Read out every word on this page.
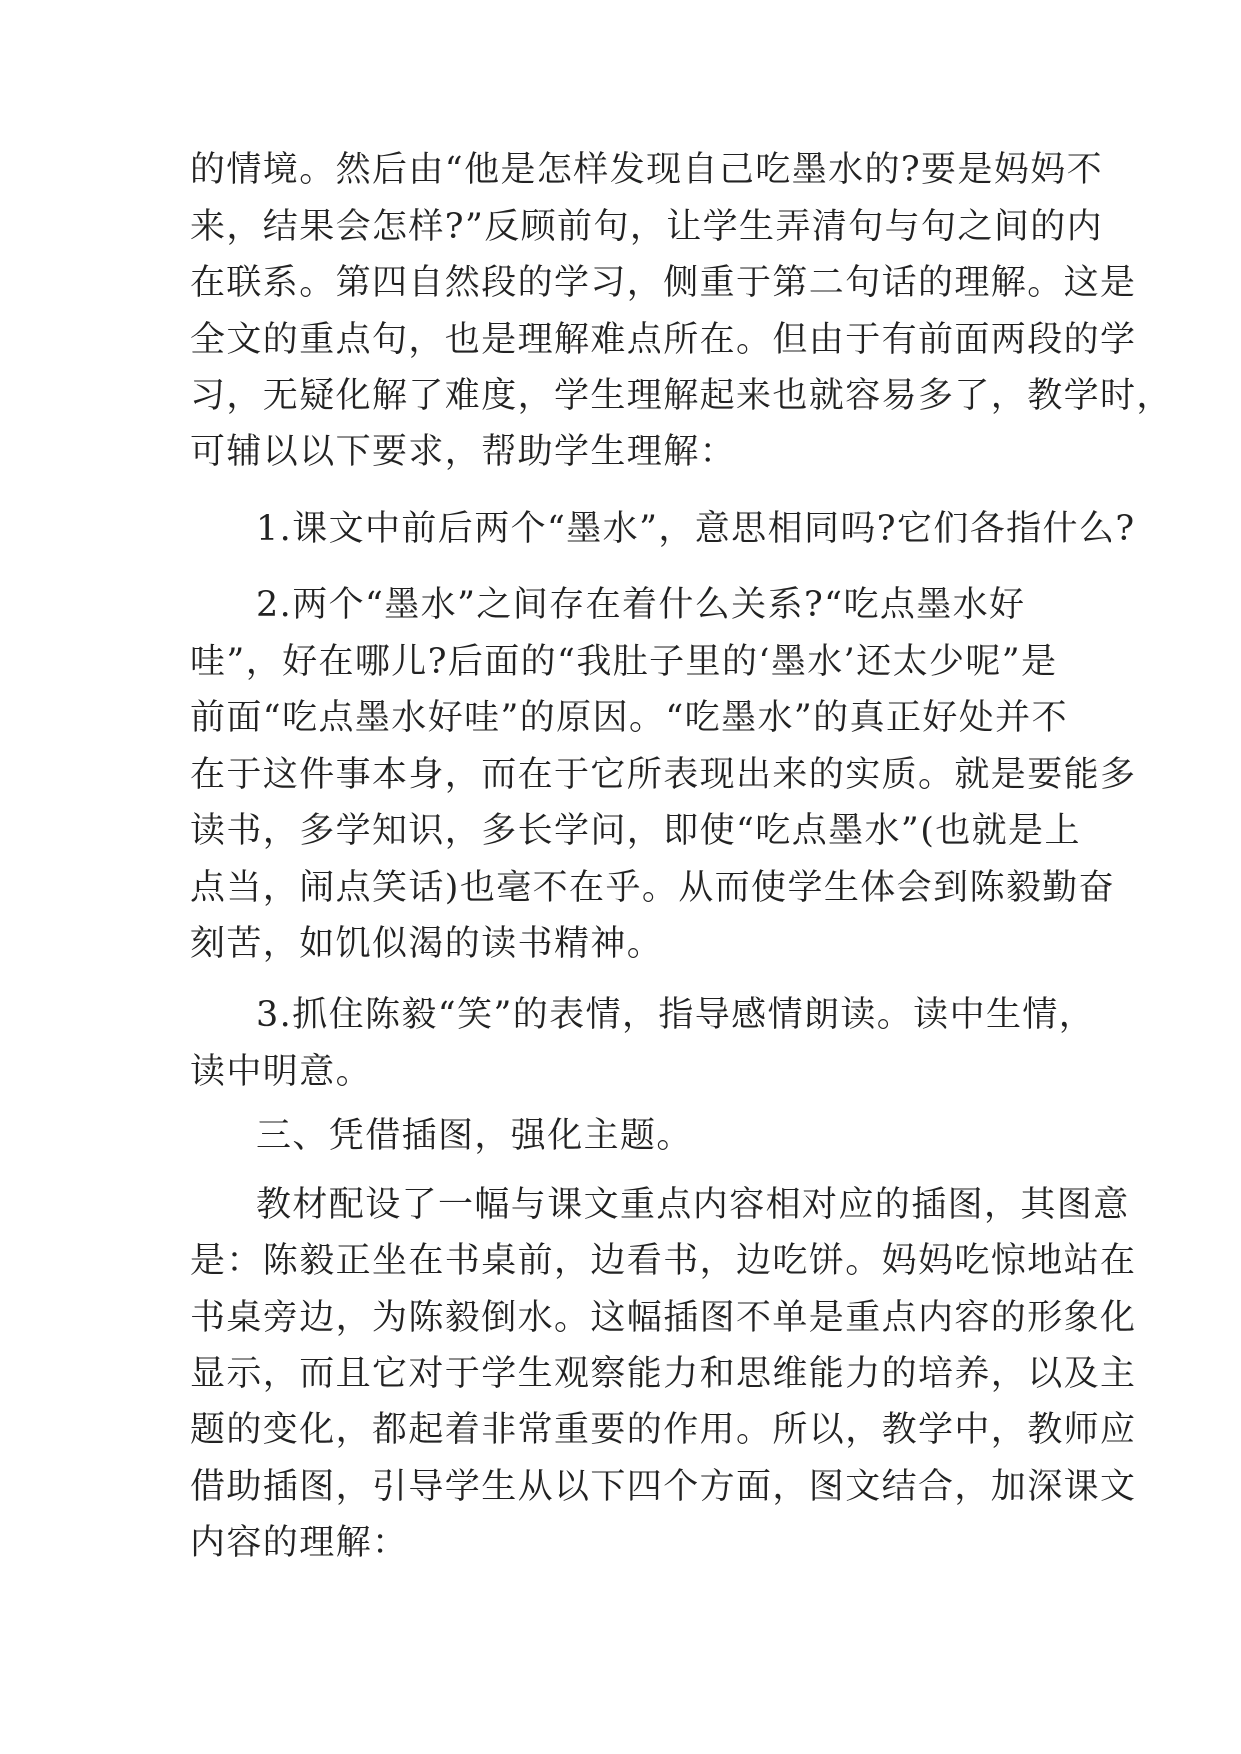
的情境。然后由“他是怎样发现自己吃墨水的?要是妈妈不
来，结果会怎样?”反顾前句，让学生弄清句与句之间的内
在联系。第四自然段的学习，侧重于第二句话的理解。这是
全文的重点句，也是理解难点所在。但由于有前面两段的学
习，无疑化解了难度，学生理解起来也就容易多了，教学时，
可辅以以下要求，帮助学生理解：
1.课文中前后两个“墨水”，意思相同吗?它们各指什么?
2.两个“墨水”之间存在着什么关系?“吃点墨水好
哇”，好在哪儿?后面的“我肚子里的‘墨水’还太少呢”是
前面“吃点墨水好哇”的原因。“吃墨水”的真正好处并不
在于这件事本身，而在于它所表现出来的实质。就是要能多
读书，多学知识，多长学问，即使“吃点墨水”(也就是上
点当，闹点笑话)也毫不在乎。从而使学生体会到陈毅勤奋
刻苦，如饥似渴的读书精神。
3.抓住陈毅“笑”的表情，指导感情朗读。读中生情，
读中明意。
三、凭借插图，强化主题。
教材配设了一幅与课文重点内容相对应的插图，其图意
是：陈毅正坐在书桌前，边看书，边吃饼。妈妈吃惊地站在
书桌旁边，为陈毅倒水。这幅插图不单是重点内容的形象化
显示，而且它对于学生观察能力和思维能力的培养，以及主
题的变化，都起着非常重要的作用。所以，教学中，教师应
借助插图，引导学生从以下四个方面，图文结合，加深课文
内容的理解：
